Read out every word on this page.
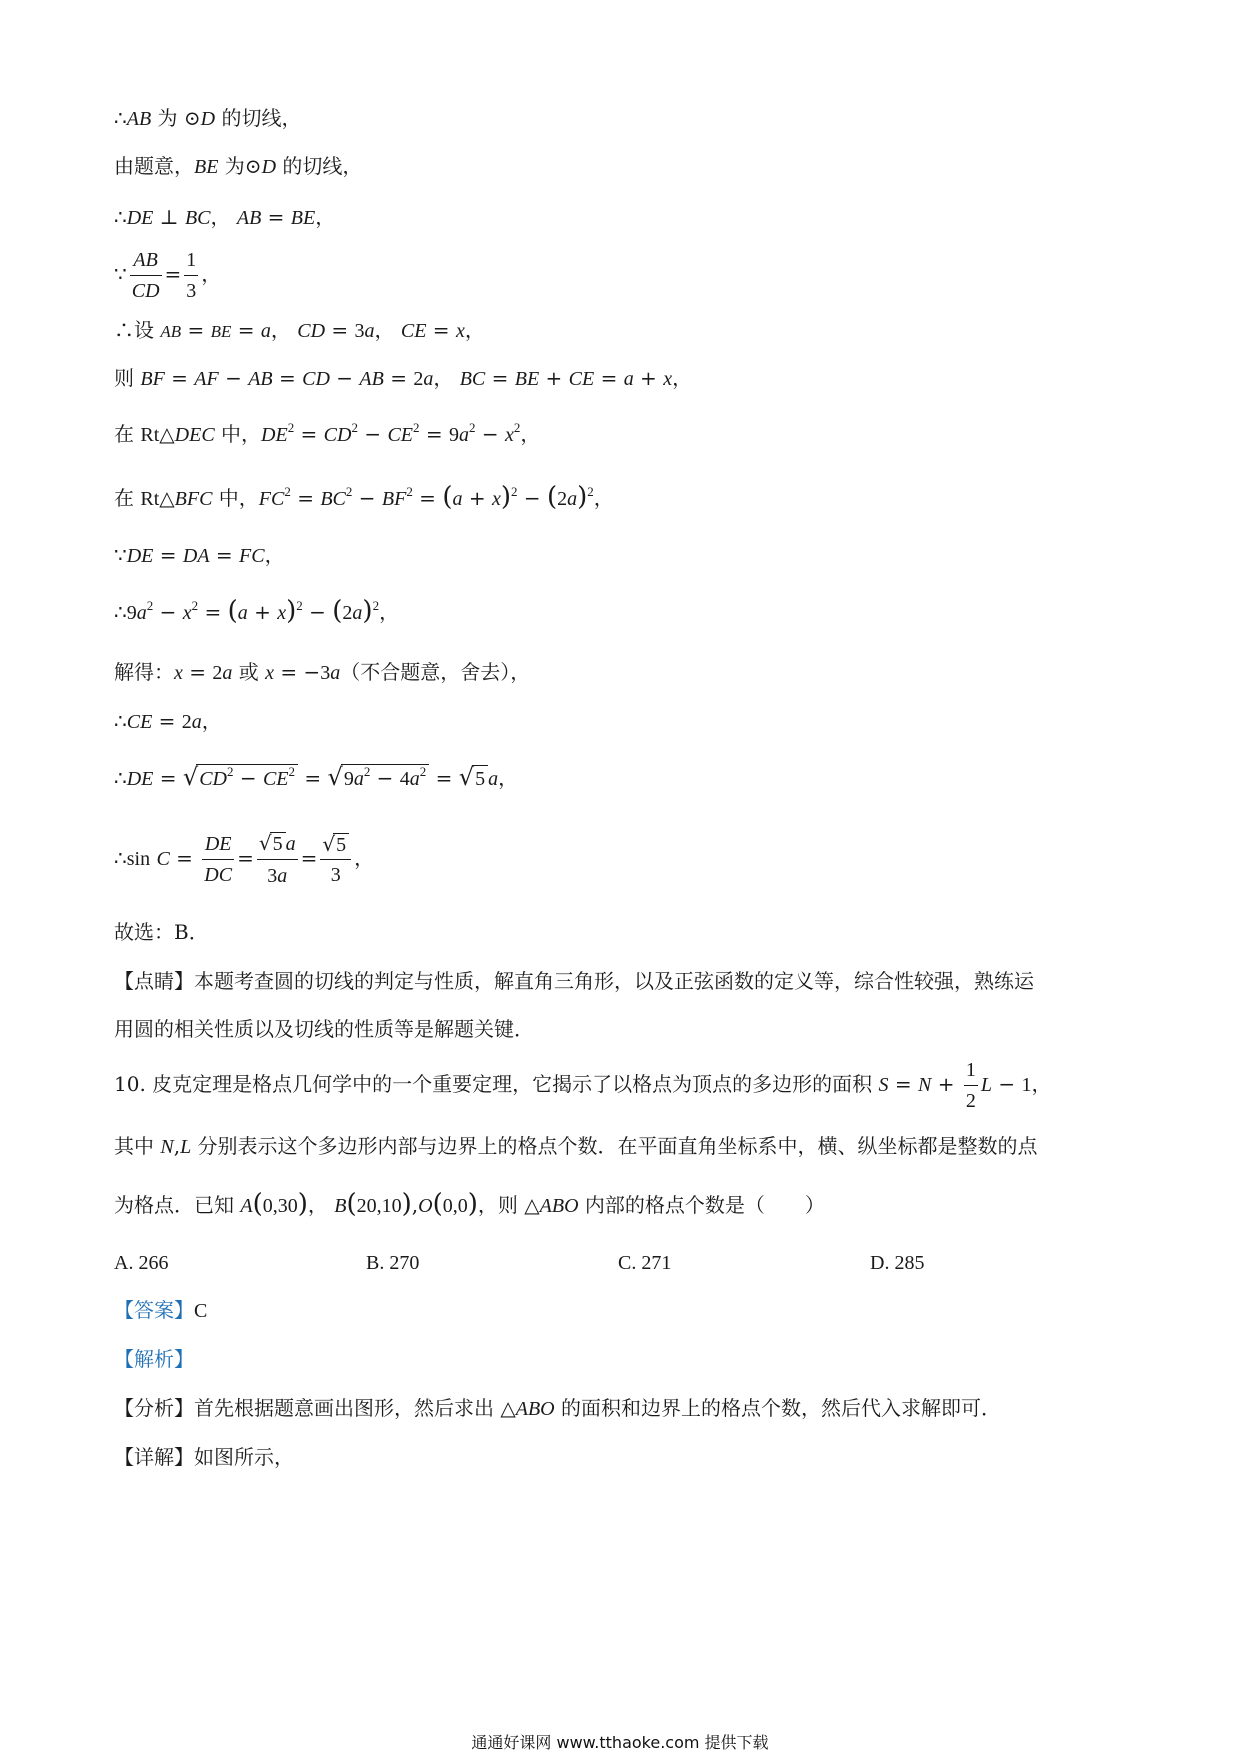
∴AB 为 ⊙D 的切线，
由题意，BE 为⊙D 的切线，
∴DE ⊥ BC， AB = BE，
∵ $\frac{AB}{CD} = \frac{1}{3}$ ，
∴设 AB = BE = a， CD = 3a， CE = x，
则 BF = AF − AB = CD − AB = 2a， BC = BE + CE = a + x，
在 Rt△DEC 中，$DE^2 = CD^2 - CE^2 = 9a^2 - x^2$，
在 Rt△BFC 中，$FC^2 = BC^2 - BF^2 = (a + x)^2 - (2a)^2$，
∵DE = DA = FC，
$\therefore 9a^2 - x^2 = (a + x)^2 - (2a)^2$，
解得：x = 2a 或 x = −3a（不合题意，舍去），
∴CE = 2a，
∴DE = $√CD^2 - CE^2 = √9a^2 - 4a^2 = √5$ a，
∴sin $C = \frac{DE}{DC} = \frac{√5 a}{3a} = \frac{√5}{3}$ ，
故选：B．
【点睛】本题考查圆的切线的判定与性质，解直角三角形，以及正弦函数的定义等，综合性较强，熟练运
用圆的相关性质以及切线的性质等是解题关键．
10. 皮克定理是格点几何学中的一个重要定理，它揭示了以格点为顶点的多边形的面积 $S = N + \frac{1}{2}$ L − 1，
其中 N,L 分别表示这个多边形内部与边界上的格点个数．在平面直角坐标系中，横、纵坐标都是整数的点
为格点．已知 A(0,30)， B(20,10),O(0,0)，则 △ABO 内部的格点个数是（　　）
A. 266	B. 270	C. 271	D. 285
【答案】C
【解析】
【分析】首先根据题意画出图形，然后求出 △ABO 的面积和边界上的格点个数，然后代入求解即可．
【详解】如图所示，
通通好课网 www.tthaoke.com 提供下载
